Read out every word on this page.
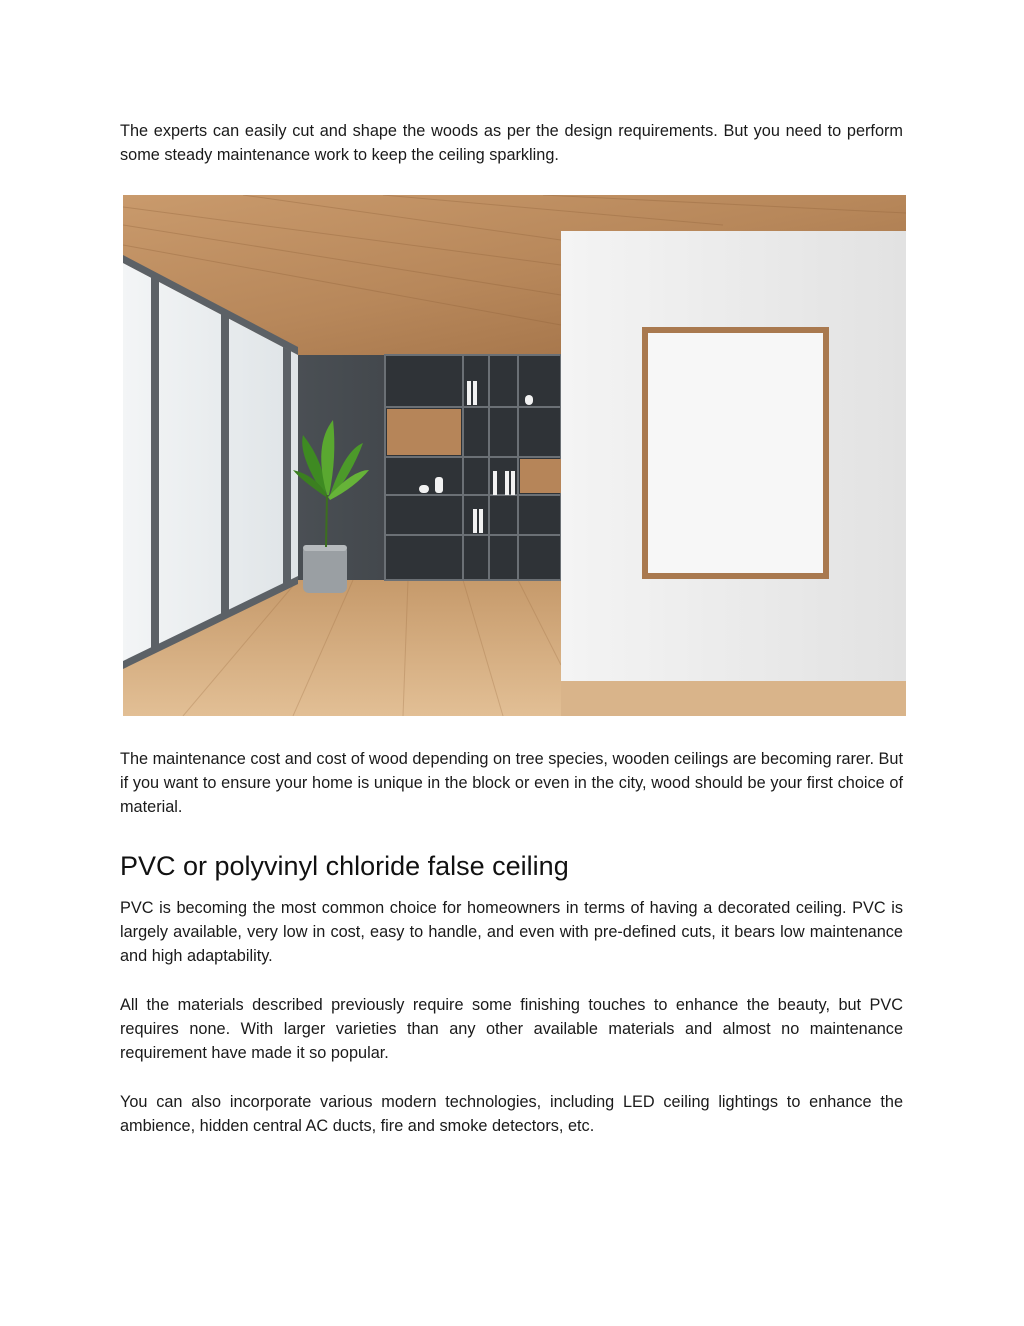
The experts can easily cut and shape the woods as per the design requirements. But you need to perform some steady maintenance work to keep the ceiling sparkling.

The maintenance cost and cost of wood depending on tree species, wooden ceilings are becoming rarer. But if you want to ensure your home is unique in the block or even in the city, wood should be your first choice of material.

PVC or polyvinyl chloride false ceiling

PVC is becoming the most common choice for homeowners in terms of having a decorated ceiling. PVC is largely available, very low in cost, easy to handle, and even with pre-defined cuts, it bears low maintenance and high adaptability.

All the materials described previously require some finishing touches to enhance the beauty, but PVC requires none. With larger varieties than any other available materials and almost no maintenance requirement have made it so popular.

You can also incorporate various modern technologies, including LED ceiling lightings to enhance the ambience, hidden central AC ducts, fire and smoke detectors, etc.
